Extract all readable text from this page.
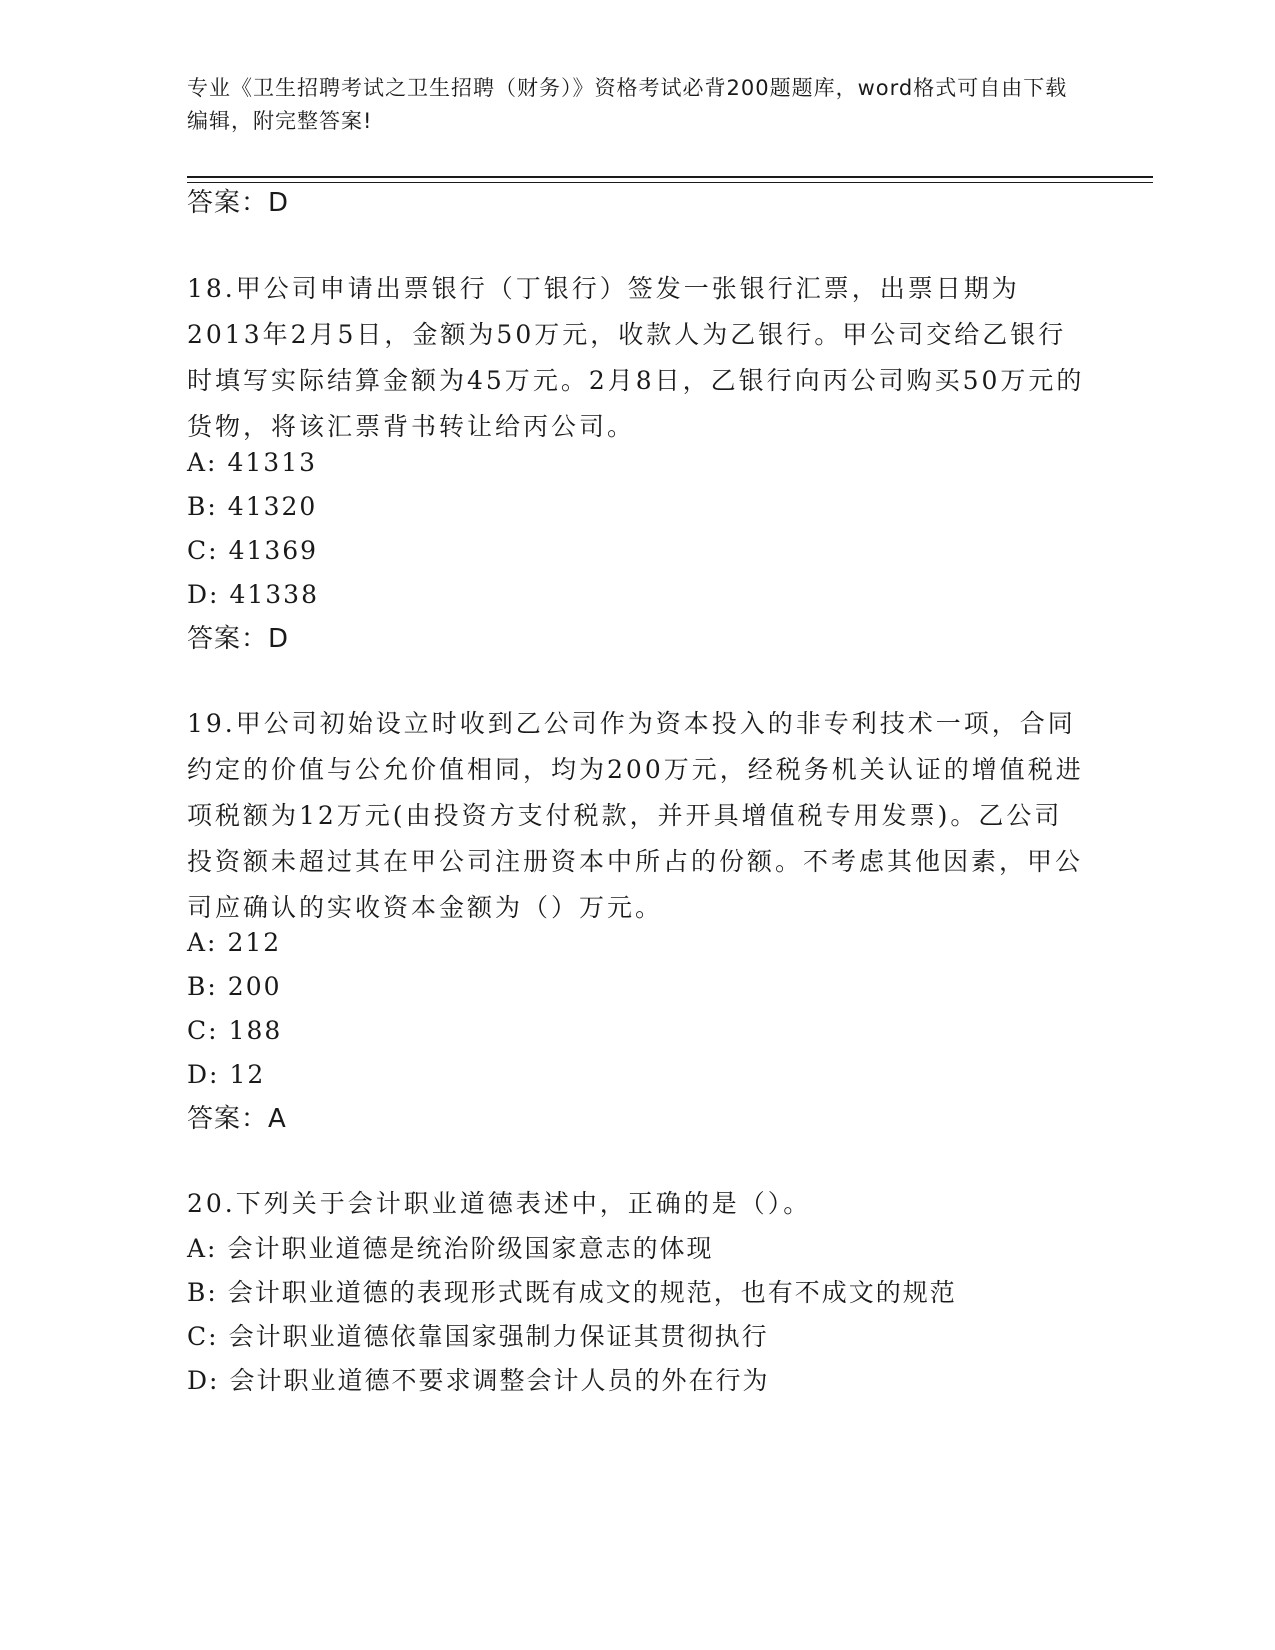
专业《卫生招聘考试之卫生招聘（财务）》资格考试必背200题题库，word格式可自由下载编辑，附完整答案!
答案：D
18.甲公司申请出票银行（丁银行）签发一张银行汇票，出票日期为2013年2月5日，金额为50万元，收款人为乙银行。甲公司交给乙银行时填写实际结算金额为45万元。2月8日，乙银行向丙公司购买50万元的货物，将该汇票背书转让给丙公司。
A: 41313
B: 41320
C: 41369
D: 41338
答案：D
19.甲公司初始设立时收到乙公司作为资本投入的非专利技术一项，合同约定的价值与公允价值相同，均为200万元，经税务机关认证的增值税进项税额为12万元(由投资方支付税款，并开具增值税专用发票)。乙公司投资额未超过其在甲公司注册资本中所占的份额。不考虑其他因素，甲公司应确认的实收资本金额为（）万元。
A: 212
B: 200
C: 188
D: 12
答案：A
20.下列关于会计职业道德表述中，正确的是（）。
A: 会计职业道德是统治阶级国家意志的体现
B: 会计职业道德的表现形式既有成文的规范，也有不成文的规范
C: 会计职业道德依靠国家强制力保证其贯彻执行
D: 会计职业道德不要求调整会计人员的外在行为
